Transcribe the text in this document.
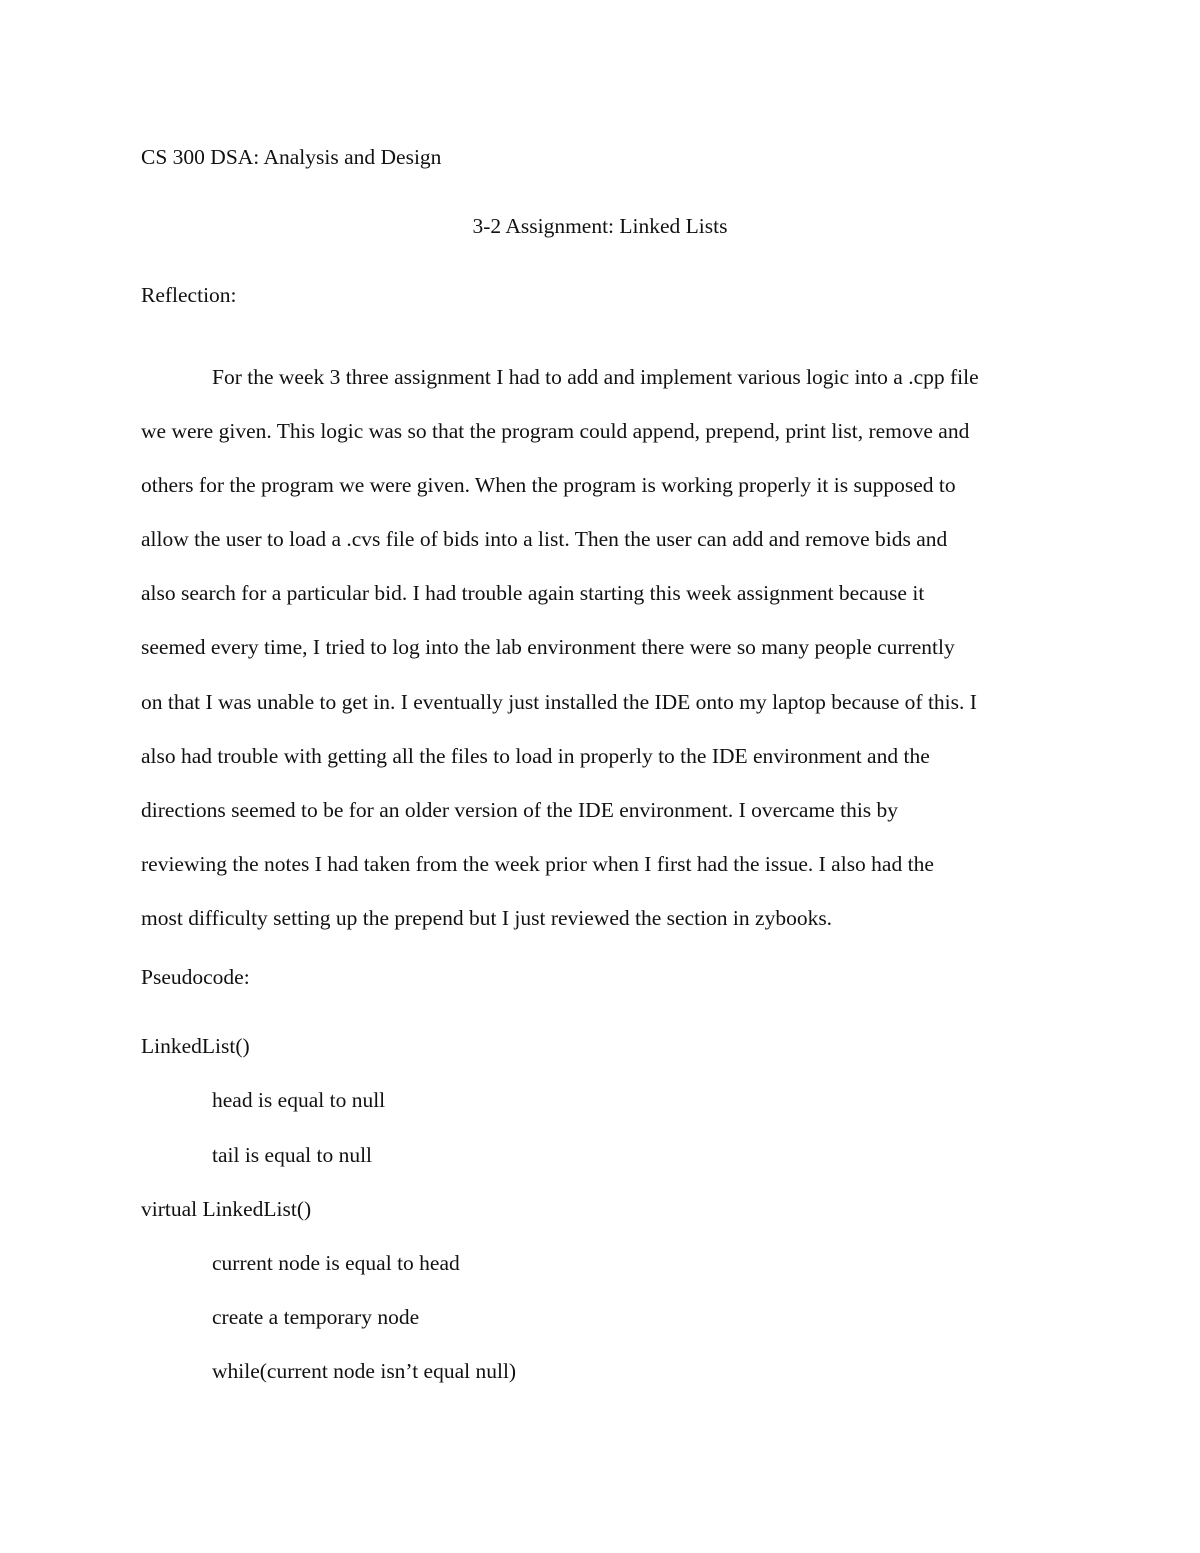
CS 300 DSA: Analysis and Design
3-2 Assignment: Linked Lists
Reflection:
For the week 3 three assignment I had to add and implement various logic into a .cpp file
we were given. This logic was so that the program could append, prepend, print list, remove and
others for the program we were given. When the program is working properly it is supposed to
allow the user to load a .cvs file of bids into a list. Then the user can add and remove bids and
also search for a particular bid. I had trouble again starting this week assignment because it
seemed every time, I tried to log into the lab environment there were so many people currently
on that I was unable to get in. I eventually just installed the IDE onto my laptop because of this. I
also had trouble with getting all the files to load in properly to the IDE environment and the
directions seemed to be for an older version of the IDE environment. I overcame this by
reviewing the notes I had taken from the week prior when I first had the issue. I also had the
most difficulty setting up the prepend but I just reviewed the section in zybooks.
Pseudocode:
LinkedList()
head is equal to null
tail is equal to null
virtual LinkedList()
current node is equal to head
create a temporary node
while(current node isn’t equal null)
